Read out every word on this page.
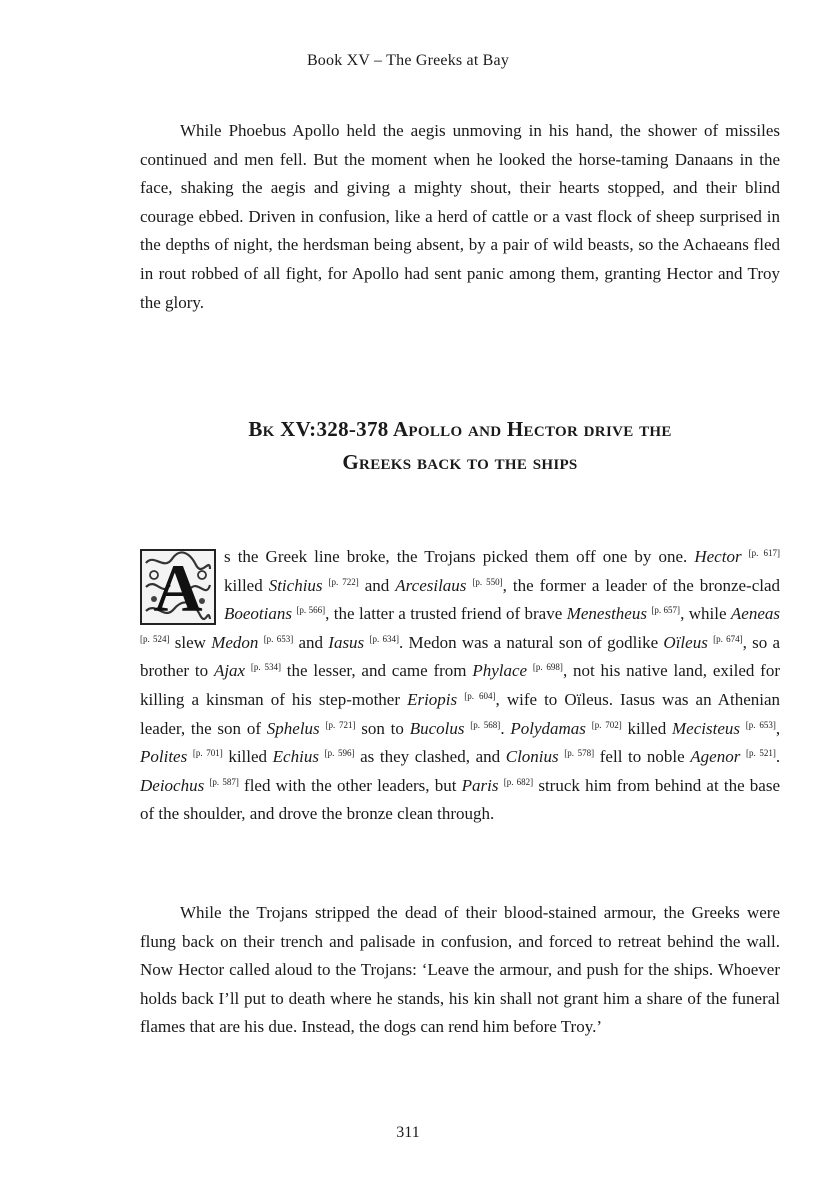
Book XV – The Greeks at Bay

While Phoebus Apollo held the aegis unmoving in his hand, the shower of missiles continued and men fell. But the moment when he looked the horse-taming Danaans in the face, shaking the aegis and giving a mighty shout, their hearts stopped, and their blind courage ebbed. Driven in confusion, like a herd of cattle or a vast flock of sheep surprised in the depths of night, the herdsman being absent, by a pair of wild beasts, so the Achaeans fled in rout robbed of all fight, for Apollo had sent panic among them, granting Hector and Troy the glory.

Bk XV:328-378 Apollo and Hector drive the
Greeks back to the ships

A	s the Greek line broke, the Trojans picked them off one by one. Hector [p. 617] killed Stichius [p. 722] and Arcesilaus [p. 550], the former a leader of the bronze-clad Boeotians [p. 566], the latter a trusted friend of brave Menestheus [p. 657], while Aeneas [p. 524] slew Medon [p. 653] and Iasus [p. 634]. Medon was a natural son of godlike Oïleus [p. 674], so a brother to Ajax [p. 534] the lesser, and came from Phylace [p. 698], not his native land, exiled for killing a kinsman of his step-mother Eriopis [p. 604], wife to Oïleus. Iasus was an Athenian leader, the son of Sphelus [p. 721] son to Bucolus [p. 568]. Polydamas [p. 702] killed Mecisteus [p. 653], Polites [p. 701] killed Echius [p. 596] as they clashed, and Clonius [p. 578] fell to noble Agenor [p. 521]. Deiochus [p. 587] fled with the other leaders, but Paris [p. 682] struck him from behind at the base of the shoulder, and drove the bronze clean through.

While the Trojans stripped the dead of their blood-stained armour, the Greeks were flung back on their trench and palisade in confusion, and forced to retreat behind the wall. Now Hector called aloud to the Trojans: ‘Leave the armour, and push for the ships. Whoever holds back I’ll put to death where he stands, his kin shall not grant him a share of the funeral flames that are his due. Instead, the dogs can rend him before Troy.’

311
